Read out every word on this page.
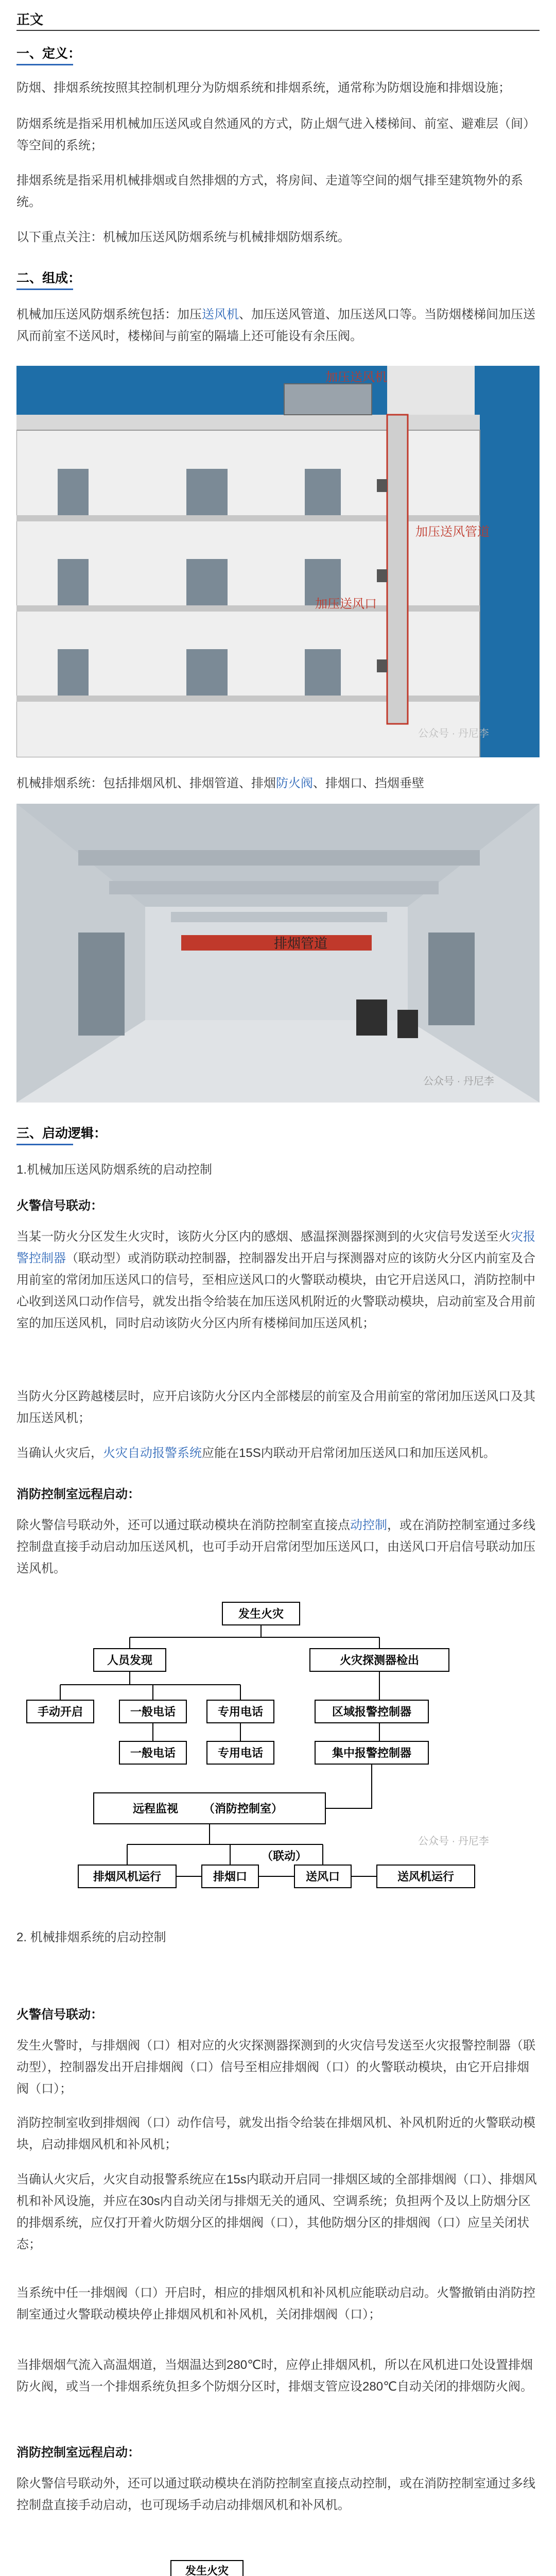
正文
一、定义：
防烟、排烟系统按照其控制机理分为防烟系统和排烟系统，通常称为防烟设施和排烟设施；
防烟系统是指采用机械加压送风或自然通风的方式，防止烟气进入楼梯间、前室、避难层（间）等空间的系统；
排烟系统是指采用机械排烟或自然排烟的方式，将房间、走道等空间的烟气排至建筑物外的系统。
以下重点关注：机械加压送风防烟系统与机械排烟防烟系统。
二、组成：
机械加压送风防烟系统包括：加压送风机、加压送风管道、加压送风口等。当防烟楼梯间加压送风而前室不送风时，楼梯间与前室的隔墙上还可能设有余压阀。
加压送风机
加压送风管道
加压送风口
公众号 · 丹尼李
机械排烟系统：包括排烟风机、排烟管道、排烟防火阀、排烟口、挡烟垂壁
排烟管道
公众号 · 丹尼李
三、启动逻辑：
1.机械加压送风防烟系统的启动控制
火警信号联动：
当某一防火分区发生火灾时，该防火分区内的感烟、感温探测器探测到的火灾信号发送至火灾报警控制器（联动型）或消防联动控制器，控制器发出开启与探测器对应的该防火分区内前室及合用前室的常闭加压送风口的信号，至相应送风口的火警联动模块，由它开启送风口，消防控制中心收到送风口动作信号，就发出指令给装在加压送风机附近的火警联动模块，启动前室及合用前室的加压送风机，同时启动该防火分区内所有楼梯间加压送风机；
当防火分区跨越楼层时，应开启该防火分区内全部楼层的前室及合用前室的常闭加压送风口及其加压送风机；
当确认火灾后，火灾自动报警系统应能在15S内联动开启常闭加压送风口和加压送风机。
消防控制室远程启动：
除火警信号联动外，还可以通过联动模块在消防控制室直接点动控制，或在消防控制室通过多线控制盘直接手动启动加压送风机，也可手动开启常闭型加压送风口，由送风口开启信号联动加压送风机。
发生火灾
人员发现	火灾探测器检出
手动开启	一般电话	专用电话	区域报警控制器
一般电话	专用电话	集中报警控制器
远程监视 （消防控制室）
（联动）
排烟风机运行	排烟口	送风口	送风机运行
公众号 · 丹尼李
2. 机械排烟系统的启动控制
火警信号联动：
发生火警时，与排烟阀（口）相对应的火灾探测器探测到的火灾信号发送至火灾报警控制器（联动型），控制器发出开启排烟阀（口）信号至相应排烟阀（口）的火警联动模块，由它开启排烟阀（口）；
消防控制室收到排烟阀（口）动作信号，就发出指令给装在排烟风机、补风机附近的火警联动模块，启动排烟风机和补风机；
当确认火灾后，火灾自动报警系统应在15s内联动开启同一排烟区域的全部排烟阀（口）、排烟风机和补风设施，并应在30s内自动关闭与排烟无关的通风、空调系统；负担两个及以上防烟分区的排烟系统，应仅打开着火防烟分区的排烟阀（口），其他防烟分区的排烟阀（口）应呈关闭状态；
当系统中任一排烟阀（口）开启时，相应的排烟风机和补风机应能联动启动。火警撤销由消防控制室通过火警联动模块停止排烟风机和补风机，关闭排烟阀（口）；
当排烟烟气流入高温烟道，当烟温达到280℃时，应停止排烟风机，所以在风机进口处设置排烟防火阀，或当一个排烟系统负担多个防烟分区时，排烟支管应设280℃自动关闭的排烟防火阀。
消防控制室远程启动：
除火警信号联动外，还可以通过联动模块在消防控制室直接点动控制，或在消防控制室通过多线控制盘直接手动启动，也可现场手动启动排烟风机和补风机。
发生火灾
